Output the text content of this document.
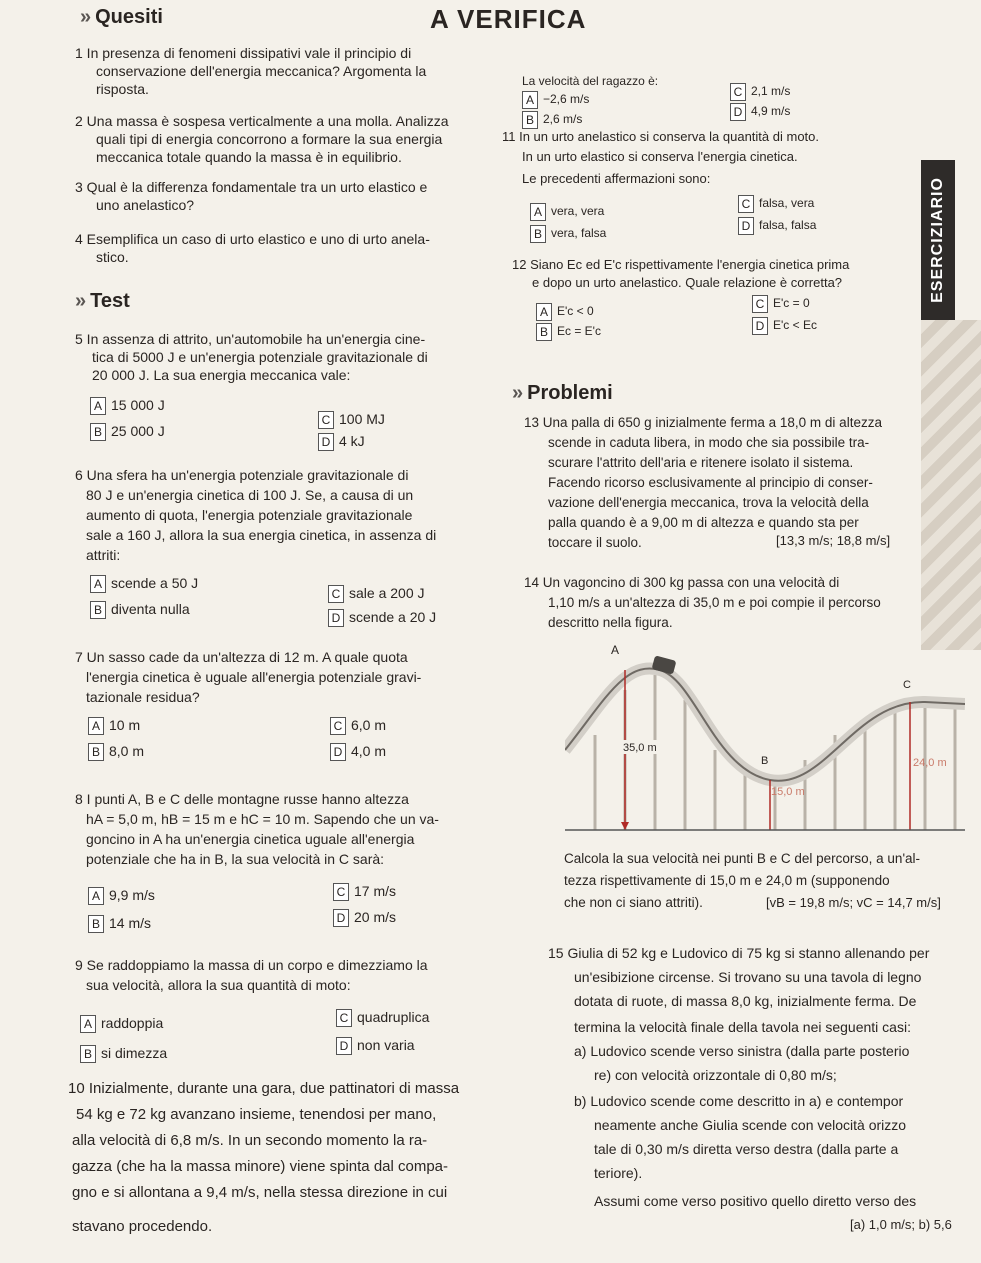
» Quesiti	A VERIFICA
1 In presenza di fenomeni dissipativi vale il principio di
conservazione dell'energia meccanica? Argomenta la
risposta.
2 Una massa è sospesa verticalmente a una molla. Analizza
quali tipi di energia concorrono a formare la sua energia
meccanica totale quando la massa è in equilibrio.
3 Qual è la differenza fondamentale tra un urto elastico e
uno anelastico?
4 Esemplifica un caso di urto elastico e uno di urto anela-
stico.
» Test
5 In assenza di attrito, un'automobile ha un'energia cine-
tica di 5000 J e un'energia potenziale gravitazionale di
20 000 J. La sua energia meccanica vale:
A 15 000 J
B 25 000 J
C 100 MJ
D 4 kJ
6 Una sfera ha un'energia potenziale gravitazionale di
80 J e un'energia cinetica di 100 J. Se, a causa di un
aumento di quota, l'energia potenziale gravitazionale
sale a 160 J, allora la sua energia cinetica, in assenza di
attriti:
A scende a 50 J
B diventa nulla
C sale a 200 J
D scende a 20 J
7 Un sasso cade da un'altezza di 12 m. A quale quota
l'energia cinetica è uguale all'energia potenziale gravi-
tazionale residua?
A 10 m
B 8,0 m
C 6,0 m
D 4,0 m
8 I punti A, B e C delle montagne russe hanno altezza
hA = 5,0 m, hB = 15 m e hC = 10 m. Sapendo che un va-
goncino in A ha un'energia cinetica uguale all'energia
potenziale che ha in B, la sua velocità in C sarà:
A 9,9 m/s
B 14 m/s
C 17 m/s
D 20 m/s
9 Se raddoppiamo la massa di un corpo e dimezziamo la
sua velocità, allora la sua quantità di moto:
A raddoppia
B si dimezza
C quadruplica
D non varia
10 Inizialmente, durante una gara, due pattinatori di massa
54 kg e 72 kg avanzano insieme, tenendosi per mano,
alla velocità di 6,8 m/s. In un secondo momento la ra-
gazza (che ha la massa minore) viene spinta dal compa-
gno e si allontana a 9,4 m/s, nella stessa direzione in cui
stavano procedendo.
La velocità del ragazzo è:
A −2,6 m/s
B 2,6 m/s
C 2,1 m/s
D 4,9 m/s
11 In un urto anelastico si conserva la quantità di moto.
In un urto elastico si conserva l'energia cinetica.
Le precedenti affermazioni sono:
A vera, vera
B vera, falsa
C falsa, vera
D falsa, falsa
12 Siano Ec ed E'c rispettivamente l'energia cinetica prima
e dopo un urto anelastico. Quale relazione è corretta?
A E'c < 0
B Ec = E'c
C E'c = 0
D E'c < Ec
» Problemi
13 Una palla di 650 g inizialmente ferma a 18,0 m di altezza
scende in caduta libera, in modo che sia possibile tra-
scurare l'attrito dell'aria e ritenere isolato il sistema.
Facendo ricorso esclusivamente al principio di conser-
vazione dell'energia meccanica, trova la velocità della
palla quando è a 9,00 m di altezza e quando sta per
toccare il suolo.	[13,3 m/s; 18,8 m/s]
14 Un vagoncino di 300 kg passa con una velocità di
1,10 m/s a un'altezza di 35,0 m e poi compie il percorso
descritto nella figura.
A
B
C
35,0 m
15,0 m
24,0 m
Calcola la sua velocità nei punti B e C del percorso, a un'al-
tezza rispettivamente di 15,0 m e 24,0 m (supponendo
che non ci siano attriti).	[vB = 19,8 m/s; vC = 14,7 m/s]
15 Giulia di 52 kg e Ludovico di 75 kg si stanno allenando per
un'esibizione circense. Si trovano su una tavola di legno
dotata di ruote, di massa 8,0 kg, inizialmente ferma. De
termina la velocità finale della tavola nei seguenti casi:
a) Ludovico scende verso sinistra (dalla parte posterio
re) con velocità orizzontale di 0,80 m/s;
b) Ludovico scende come descritto in a) e contempor
neamente anche Giulia scende con velocità orizzo
tale di 0,30 m/s diretta verso destra (dalla parte a
teriore).
Assumi come verso positivo quello diretto verso des
[a) 1,0 m/s; b) 5,6
ESERCIZIARIO
